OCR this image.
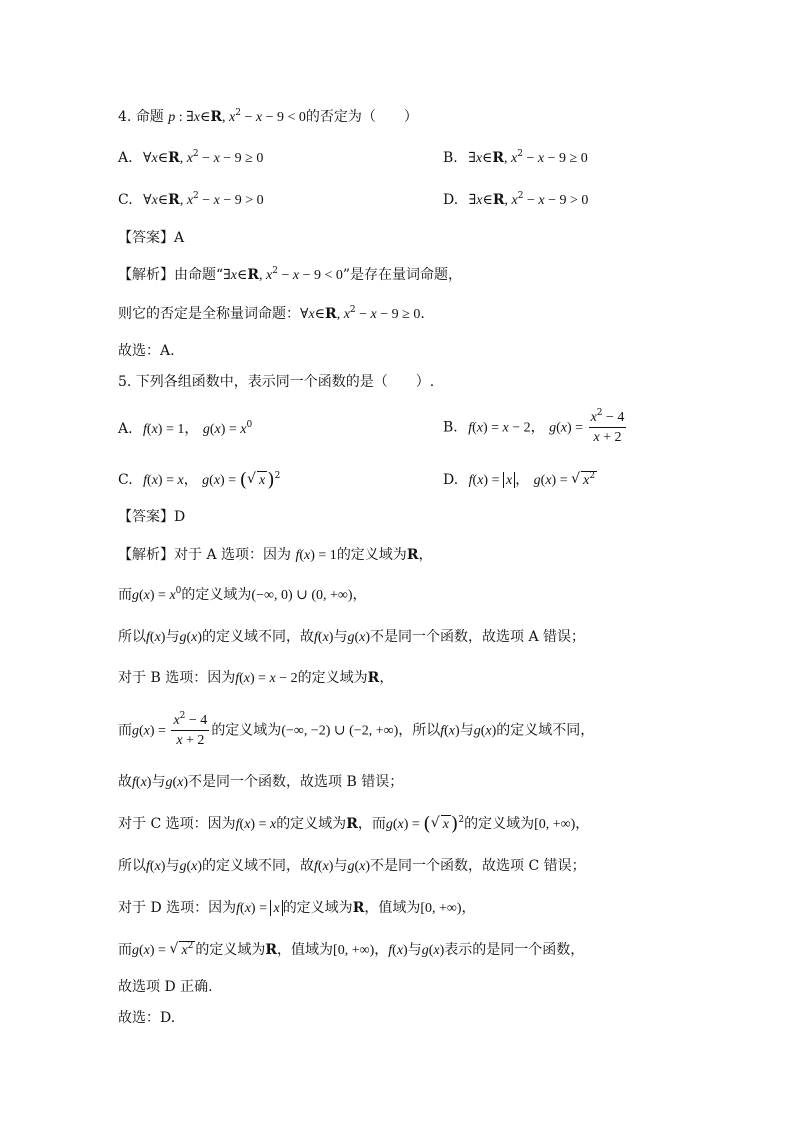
4. 命题 p : ∃x∈R, $x^2 - x - 9 < 0$的否定为（　　）
A. ∀x∈R, $x^2 - x - 9 \ge 0$	B. ∃x∈R, $x^2 - x - 9 \ge 0$
C. ∀x∈R, $x^2 - x - 9 > 0$	D. ∃x∈R, $x^2 - x - 9 > 0$
【答案】A
【解析】由命题“∃x∈R, $x^2 - x - 9 < 0$”是存在量词命题，
则它的否定是全称量词命题：∀x∈R, $x^2 - x - 9 \ge 0$.
故选：A.
5. 下列各组函数中，表示同一个函数的是（　　）.
A. f(x) = 1， $g(x) = x^0$	B. f(x) = x − 2， $g(x) = \frac{x^2 - 4}{x + 2}$
C. f(x) = x， g(x) = ( √ x )$^2$	D. f(x) = x ， g(x) = √ $x^2$
【答案】D
【解析】对于 A 选项：因为 f(x) = 1的定义域为R，
而$g(x) = x^0$的定义域为(−∞, 0) ∪ (0, +∞)，
所以f(x)与g(x)的定义域不同，故f(x)与g(x)不是同一个函数，故选项 A 错误；
对于 B 选项：因为f(x) = x − 2的定义域为R，
而$g(x) = \frac{x^2 - 4}{x + 2}$ 的定义域为(−∞, −2) ∪ (−2, +∞)，所以f(x)与g(x)的定义域不同，
故f(x)与g(x)不是同一个函数，故选项 B 错误；
对于 C 选项：因为f(x) = x的定义域为R，而g(x) = ( √ x )$^2$的定义域为[0, +∞)，
所以f(x)与g(x)的定义域不同，故f(x)与g(x)不是同一个函数，故选项 C 错误；
对于 D 选项：因为f(x) = x 的定义域为R，值域为[0, +∞)，
而g(x) = √ $x^2$ 的定义域为R，值域为[0, +∞)，f(x)与g(x)表示的是同一个函数，
故选项 D 正确.
故选：D.
